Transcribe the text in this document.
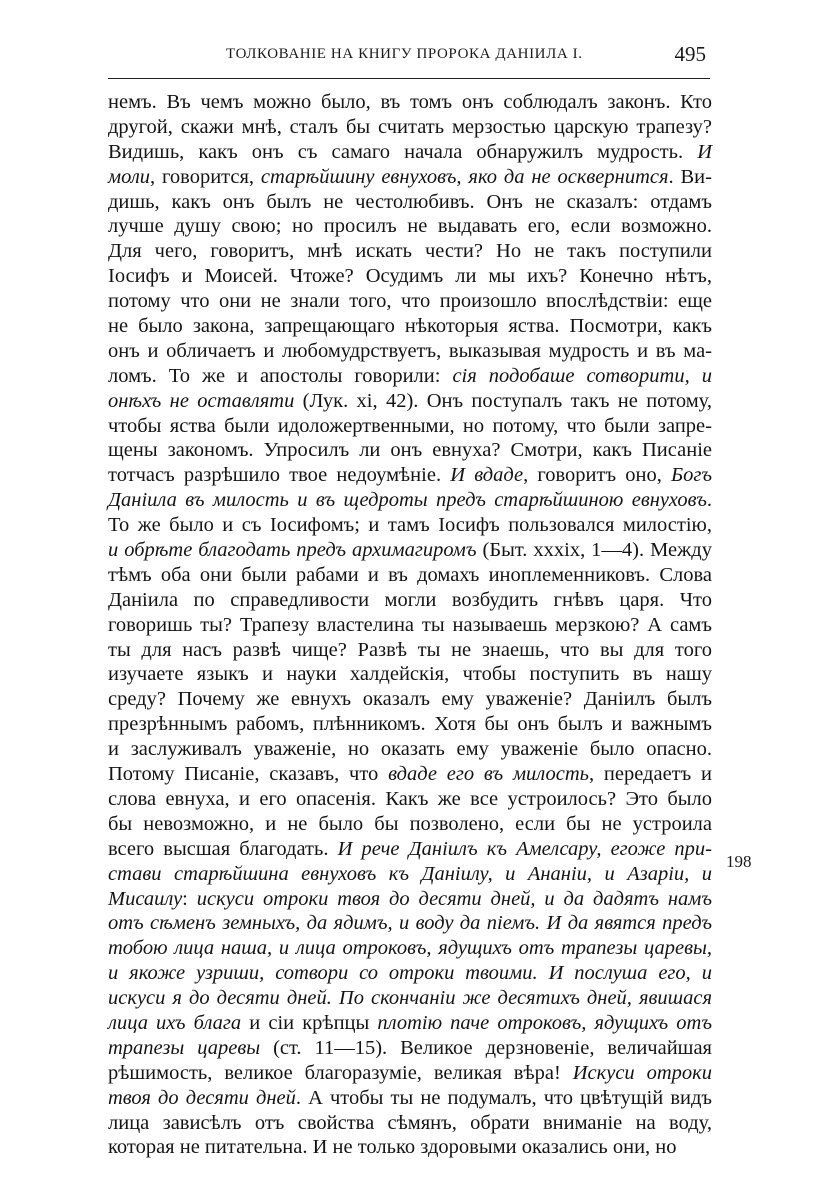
ТОЛКОВАНІЕ НА КНИГУ ПРОРОКА ДАНІИЛА І.	495
немъ. Въ чемъ можно было, въ томъ онъ соблюдалъ законъ. Кто
другой, скажи мнѣ, сталъ бы считать мерзостью царскую трапезу?
Видишь, какъ онъ съ самаго начала обнаружилъ мудрость. И
моли, говорится, старѣйшину евнуховъ, яко да не осквернится. Ви-
дишь, какъ онъ былъ не честолюбивъ. Онъ не сказалъ: отдамъ
лучше душу свою; но просилъ не выдавать его, если возможно.
Для чего, говоритъ, мнѣ искать чести? Но не такъ поступили
Іосифъ и Моисей. Чтоже? Осудимъ ли мы ихъ? Конечно нѣтъ,
потому что они не знали того, что произошло впослѣдствіи: еще
не было закона, запрещающаго нѣкоторыя яства. Посмотри, какъ
онъ и обличаетъ и любомудрствуетъ, выказывая мудрость и въ ма-
ломъ. То же и апостолы говорили: сія подобаше сотворити, и
онѣхъ не оставляти (Лук. xi, 42). Онъ поступалъ такъ не потому,
чтобы яства были идоложертвенными, но потому, что были запре-
щены закономъ. Упросилъ ли онъ евнуха? Смотри, какъ Писаніе
тотчасъ разрѣшило твое недоумѣніе. И вдаде, говоритъ оно, Богъ
Даніила въ милость и въ щедроты предъ старѣйшиною евнуховъ.
То же было и съ Іосифомъ; и тамъ Іосифъ пользовался милостію,
и обрѣте благодать предъ архимагиромъ (Быт. xxxix, 1—4). Между
тѣмъ оба они были рабами и въ домахъ иноплеменниковъ. Слова
Даніила по справедливости могли возбудить гнѣвъ царя. Что
говоришь ты? Трапезу властелина ты называешь мерзкою? А самъ
ты для насъ развѣ чище? Развѣ ты не знаешь, что вы для того
изучаете языкъ и науки халдейскія, чтобы поступить въ нашу
среду? Почему же евнухъ оказалъ ему уваженіе? Даніилъ былъ
презрѣннымъ рабомъ, плѣнникомъ. Хотя бы онъ былъ и важнымъ
и заслуживалъ уваженіе, но оказать ему уваженіе было опасно.
Потому Писаніе, сказавъ, что вдаде его въ милость, передаетъ и
слова евнуха, и его опасенія. Какъ же все устроилось? Это было
бы невозможно, и не было бы позволено, если бы не устроила
всего высшая благодать. И рече Даніилъ къ Амелсару, егоже при-
стави старѣйшина евнуховъ къ Даніилу, и Ананіи, и Азаріи, и
Мисаилу: искуси отроки твоя до десяти дней, и да дадятъ намъ
отъ сѣменъ земныхъ, да ядимъ, и воду да піемъ. И да явятся предъ
тобою лица наша, и лица отроковъ, ядущихъ отъ трапезы царевы,
и якоже узриши, сотвори со отроки твоими. И послуша его, и
искуси я до десяти дней. По скончаніи же десятихъ дней, явишася
лица ихъ блага и сіи крѣпцы плотію паче отроковъ, ядущихъ отъ
трапезы царевы (ст. 11—15). Великое дерзновеніе, величайшая
рѣшимость, великое благоразуміе, великая вѣра! Искуси отроки
твоя до десяти дней. А чтобы ты не подумалъ, что цвѣтущій видъ
лица зависѣлъ отъ свойства сѣмянъ, обрати вниманіе на воду,
которая не питательна. И не только здоровыми оказались они, но
198
